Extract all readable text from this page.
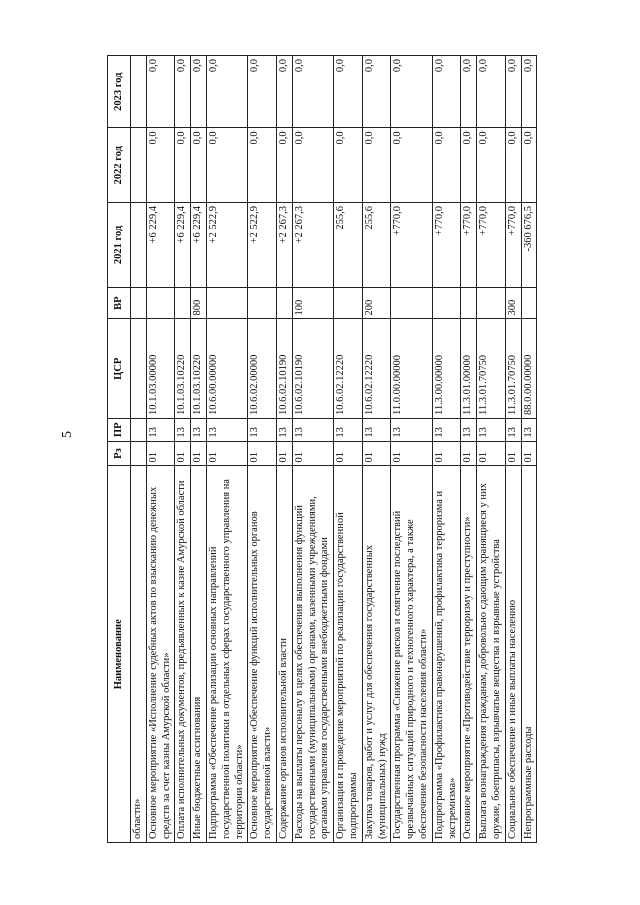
5
Наименование	Рз	ПР	ЦСР	ВР	2021 год	2022 год	2023 год
областн»							
Основное мероприятие «Исполнение судебных актов по взысканию денежных средств за счет казны Амурской области»	01	13	10.1.03.00000		+6 229,4	0,0	0,0
Оплата исполнительных документов, предъявленных к казне Амурской области	01	13	10.1.03.10220		+6 229,4	0,0	0,0
Иные бюджетные ассигнования	01	13	10.1.03.10220	800	+6 229,4	0,0	0,0
Подпрограмма «Обеспечение реализации основных направлений государственной политики в отдельных сферах государственного управления на территории области»	01	13	10.6.00.00000		+2 522,9	0,0	0,0
Основное мероприятие «Обеспечение функций исполнительных органов государственной власти»	01	13	10.6.02.00000		+2 522,9	0,0	0,0
Содержание органов исполнительной власти	01	13	10.6.02.10190		+2 267,3	0,0	0,0
Расходы на выплаты персоналу в целях обеспечения выполнения функций государственными (муниципальными) органами, казенными учреждениями, органами управления государственными внебюджетными фондами	01	13	10.6.02.10190	100	+2 267,3	0,0	0,0
Организация и проведение мероприятий по реализации государственной подпрограммы	01	13	10.6.02.12220		255,6	0,0	0,0
Закупка товаров, работ и услуг для обеспечения государственных (муниципальных) нужд	01	13	10.6.02.12220	200	255,6	0,0	0,0
Государственная программа «Снижение рисков и смягчение последствий чрезвычайных ситуаций природного и техногенного характера, а также обеспечение безопасности населения области»	01	13	11.0.00.00000		+770,0	0,0	0,0
Подпрограмма «Профилактика правонарушений, профилактика терроризма и экстремизма»	01	13	11.3.00.00000		+770,0	0,0	0,0
Основное мероприятие «Противодействие терроризму и преступности»	01	13	11.3.01.00000		+770,0	0,0	0,0
Выплата вознаграждения гражданам, добровольно сдающим хранящиеся у них оружие, боеприпасы, взрывчатые вещества и взрывные устройства	01	13	11.3.01.70750		+770,0	0,0	0,0
Социальное обеспечение и иные выплаты населению	01	13	11.3.01.70750	300	+770,0	0,0	0,0
Непрограммные расходы	01	13	88.0.00.00000		-360 676,5	0,0	0,0
